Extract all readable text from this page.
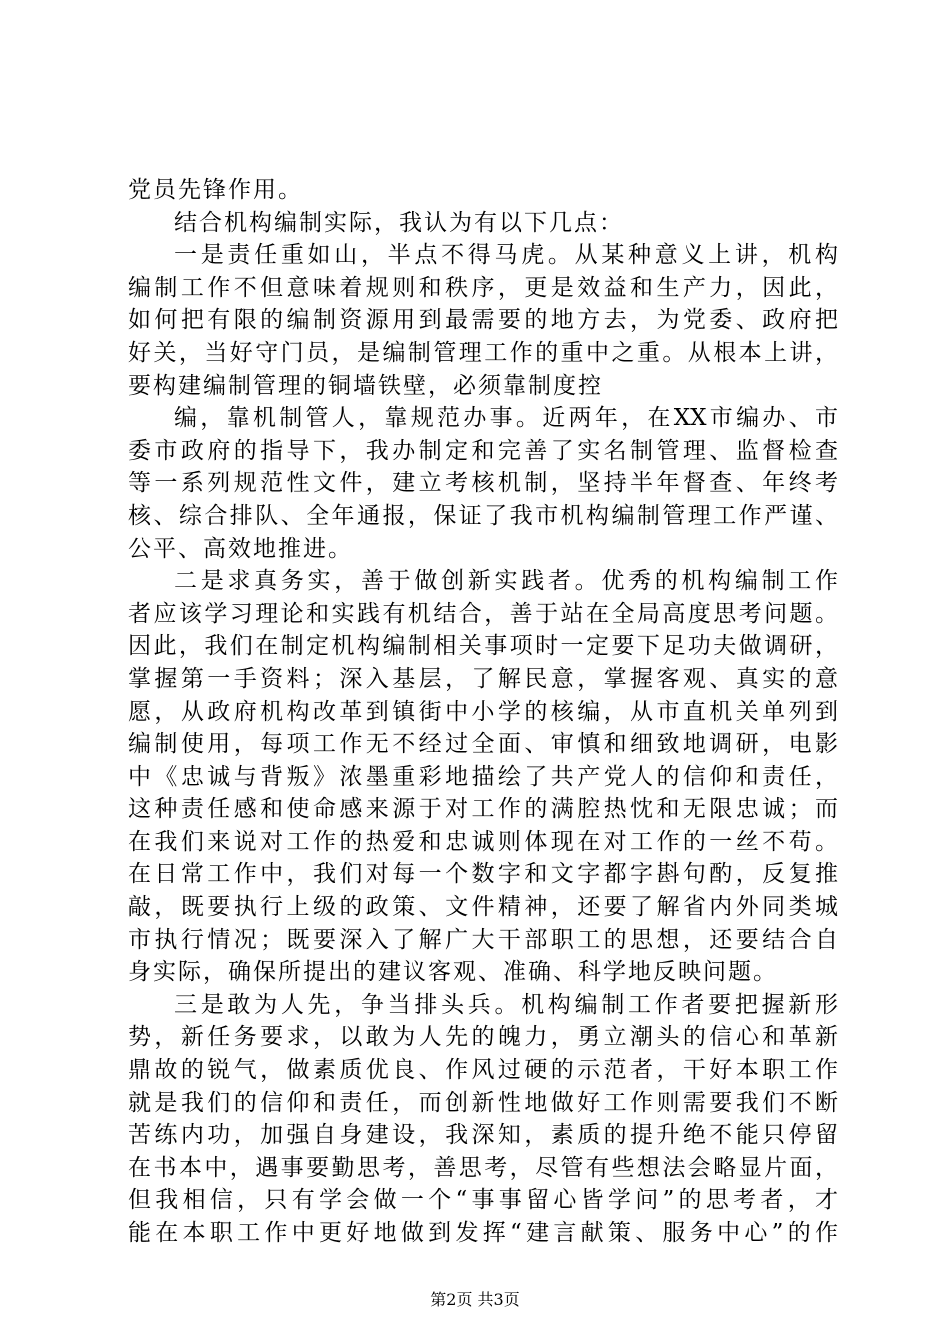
党员先锋作用。
结合机构编制实际，我认为有以下几点：
一是责任重如山，半点不得马虎。从某种意义上讲，机构
编制工作不但意味着规则和秩序，更是效益和生产力，因此，
如何把有限的编制资源用到最需要的地方去，为党委、政府把
好关，当好守门员，是编制管理工作的重中之重。从根本上讲，
要构建编制管理的铜墙铁壁，必须靠制度控
编，靠机制管人，靠规范办事。近两年，在XX市编办、市
委市政府的指导下，我办制定和完善了实名制管理、监督检查
等一系列规范性文件，建立考核机制，坚持半年督查、年终考
核、综合排队、全年通报，保证了我市机构编制管理工作严谨、
公平、高效地推进。
二是求真务实，善于做创新实践者。优秀的机构编制工作
者应该学习理论和实践有机结合，善于站在全局高度思考问题。
因此，我们在制定机构编制相关事项时一定要下足功夫做调研，
掌握第一手资料；深入基层，了解民意，掌握客观、真实的意
愿，从政府机构改革到镇街中小学的核编，从市直机关单列到
编制使用，每项工作无不经过全面、审慎和细致地调研，电影
中《忠诚与背叛》浓墨重彩地描绘了共产党人的信仰和责任，
这种责任感和使命感来源于对工作的满腔热忱和无限忠诚；而
在我们来说对工作的热爱和忠诚则体现在对工作的一丝不苟。
在日常工作中，我们对每一个数字和文字都字斟句酌，反复推
敲，既要执行上级的政策、文件精神，还要了解省内外同类城
市执行情况；既要深入了解广大干部职工的思想，还要结合自
身实际，确保所提出的建议客观、准确、科学地反映问题。
三是敢为人先，争当排头兵。机构编制工作者要把握新形
势，新任务要求，以敢为人先的魄力，勇立潮头的信心和革新
鼎故的锐气，做素质优良、作风过硬的示范者，干好本职工作
就是我们的信仰和责任，而创新性地做好工作则需要我们不断
苦练内功，加强自身建设，我深知，素质的提升绝不能只停留
在书本中，遇事要勤思考，善思考，尽管有些想法会略显片面，
但我相信，只有学会做一个“事事留心皆学问”的思考者，才
能在本职工作中更好地做到发挥“建言献策、服务中心”的作
第2页 共3页
